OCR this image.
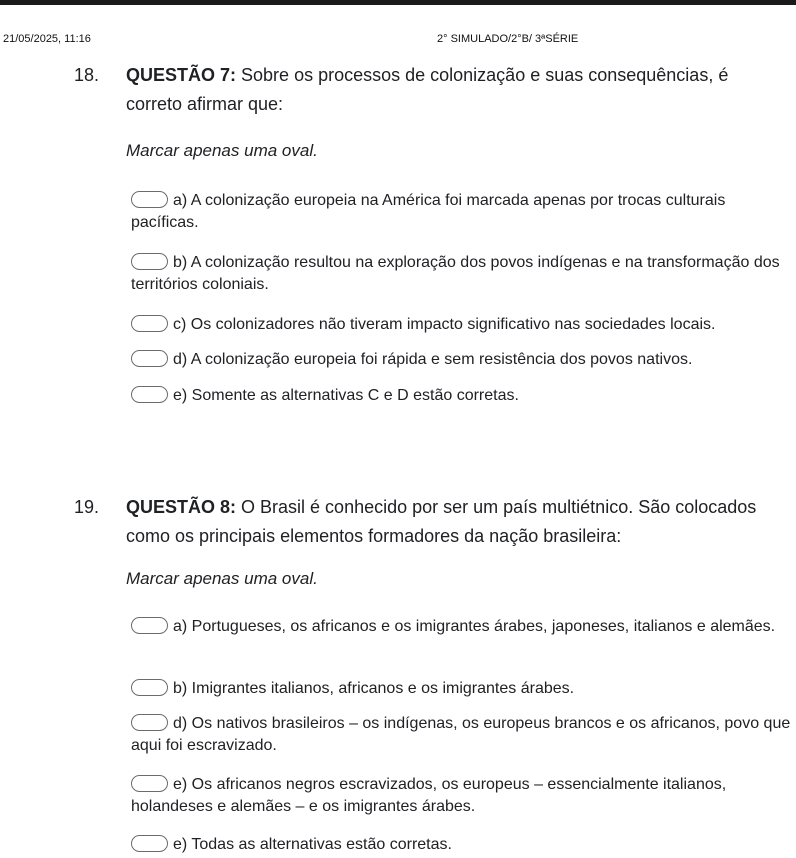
21/05/2025, 11:16	2° SIMULADO/2°B/ 3ªSÉRIE
18. QUESTÃO 7: Sobre os processos de colonização e suas consequências, é correto afirmar que:
Marcar apenas uma oval.
a) A colonização europeia na América foi marcada apenas por trocas culturais pacíficas.
b) A colonização resultou na exploração dos povos indígenas e na transformação dos territórios coloniais.
c) Os colonizadores não tiveram impacto significativo nas sociedades locais.
d) A colonização europeia foi rápida e sem resistência dos povos nativos.
e) Somente as alternativas C e D estão corretas.
19. QUESTÃO 8: O Brasil é conhecido por ser um país multiétnico. São colocados como os principais elementos formadores da nação brasileira:
Marcar apenas uma oval.
a) Portugueses, os africanos e os imigrantes árabes, japoneses, italianos e alemães.
b) Imigrantes italianos, africanos e os imigrantes árabes.
d) Os nativos brasileiros – os indígenas, os europeus brancos e os africanos, povo que aqui foi escravizado.
e) Os africanos negros escravizados, os europeus – essencialmente italianos, holandeses e alemães – e os imigrantes árabes.
e) Todas as alternativas estão corretas.
